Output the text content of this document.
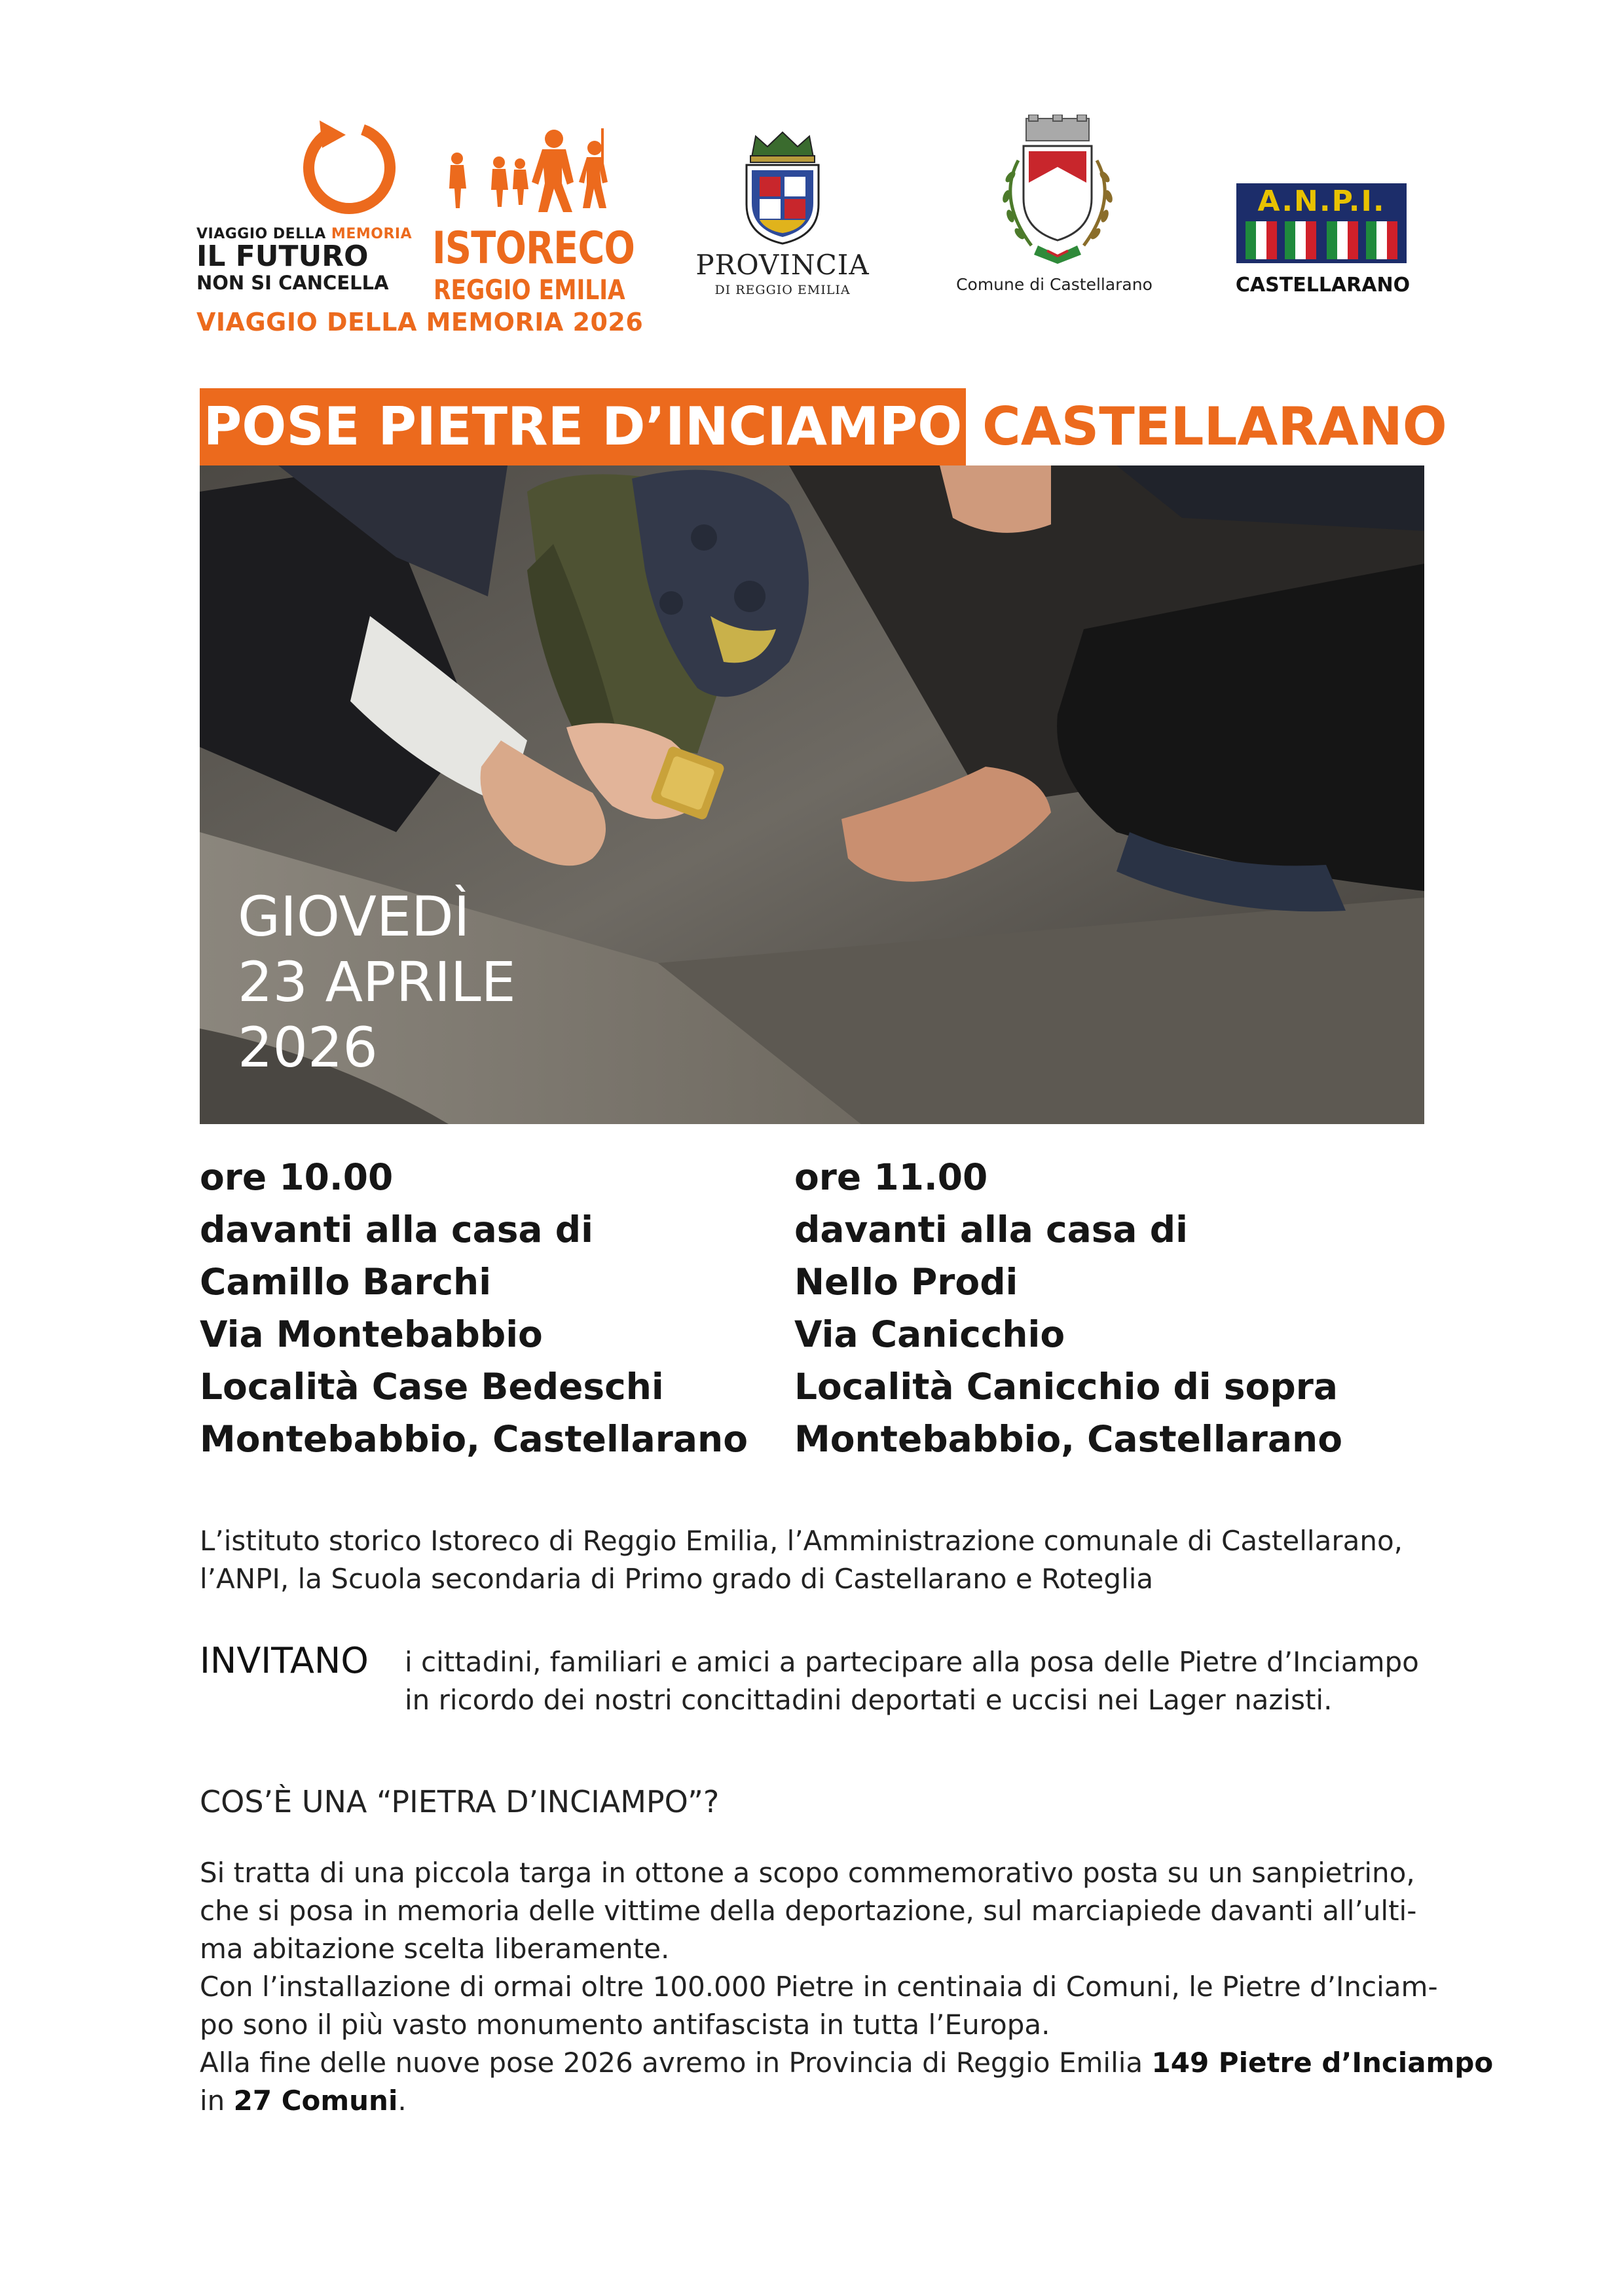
VIAGGIO DELLA MEMORIA
IL FUTURO
NON SI CANCELLA
ISTORECO
REGGIO EMILIA
VIAGGIO DELLA MEMORIA 2026
PROVINCIA
DI REGGIO EMILIA	Comune di Castellarano
A.N.P.I.
CASTELLARANO
POSE PIETRE D’INCIAMPO CASTELLARANO
GIOVEDÌ
23 APRILE
2026
ore 10.00
davanti alla casa di
Camillo Barchi
Via Montebabbio
Località Case Bedeschi
Montebabbio, Castellarano
ore 11.00
davanti alla casa di
Nello Prodi
Via Canicchio
Località Canicchio di sopra
Montebabbio, Castellarano
L’istituto storico Istoreco di Reggio Emilia, l’Amministrazione comunale di Castellarano,
l’ANPI, la Scuola secondaria di Primo grado di Castellarano e Roteglia
INVITANO i cittadini, familiari e amici a partecipare alla posa delle Pietre d’Inciampo
in ricordo dei nostri concittadini deportati e uccisi nei Lager nazisti.
COS’È UNA “PIETRA D’INCIAMPO”?
Si tratta di una piccola targa in ottone a scopo commemorativo posta su un sanpietrino,
che si posa in memoria delle vittime della deportazione, sul marciapiede davanti all’ulti-
ma abitazione scelta liberamente.
Con l’installazione di ormai oltre 100.000 Pietre in centinaia di Comuni, le Pietre d’Inciam-
po sono il più vasto monumento antifascista in tutta l’Europa.
Alla fine delle nuove pose 2026 avremo in Provincia di Reggio Emilia 149 Pietre d’Inciampo
in 27 Comuni.
